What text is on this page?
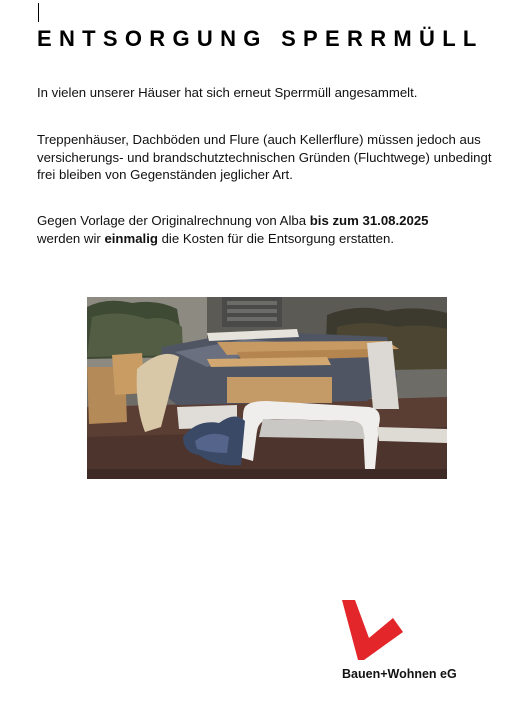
ENTSORGUNG SPERRMÜLL

In vielen unserer Häuser hat sich erneut Sperrmüll angesammelt.

Treppenhäuser, Dachböden und Flure (auch Kellerflure) müssen jedoch aus versicherungs- und brandschutztechnischen Gründen (Fluchtwege) unbedingt frei bleiben von Gegenständen jeglicher Art.

Gegen Vorlage der Originalrechnung von Alba bis zum 31.08.2025
werden wir einmalig die Kosten für die Entsorgung erstatten.

Bauen+Wohnen eG
